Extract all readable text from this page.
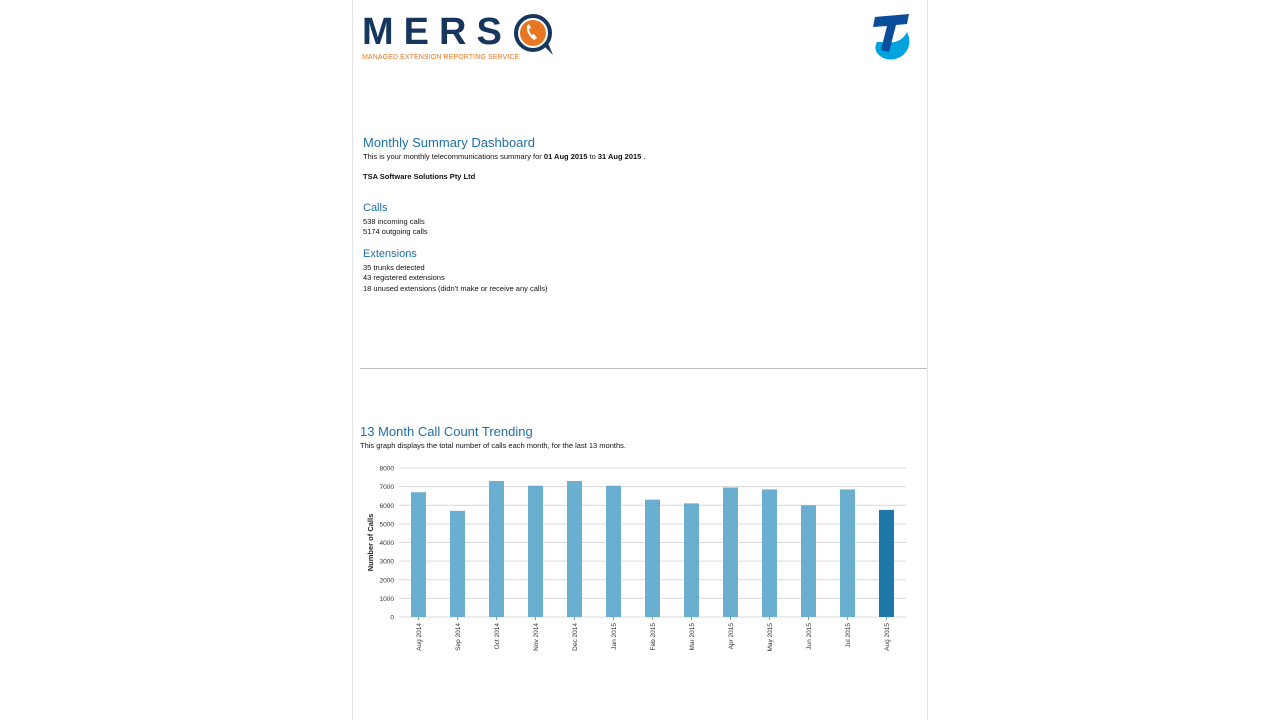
MERS
MANAGED EXTENSION REPORTING SERVICE
Monthly Summary Dashboard
This is your monthly telecommunications summary for 01 Aug 2015 to 31 Aug 2015 .
TSA Software Solutions Pty Ltd
Calls
538 incoming calls
5174 outgoing calls
Extensions
35 trunks detected
43 registered extensions
18 unused extensions (didn't make or receive any calls)
13 Month Call Count Trending
This graph displays the total number of calls each month, for the last 13 months.
0
1000
2000
3000
4000
5000
6000
7000
8000
Number of Calls
Aug 2014	Sep 2014	Oct 2014	Nov 2014	Dec 2014	Jan 2015	Feb 2015	Mar 2015	Apr 2015	May 2015	Jun 2015	Jul 2015	Aug 2015
